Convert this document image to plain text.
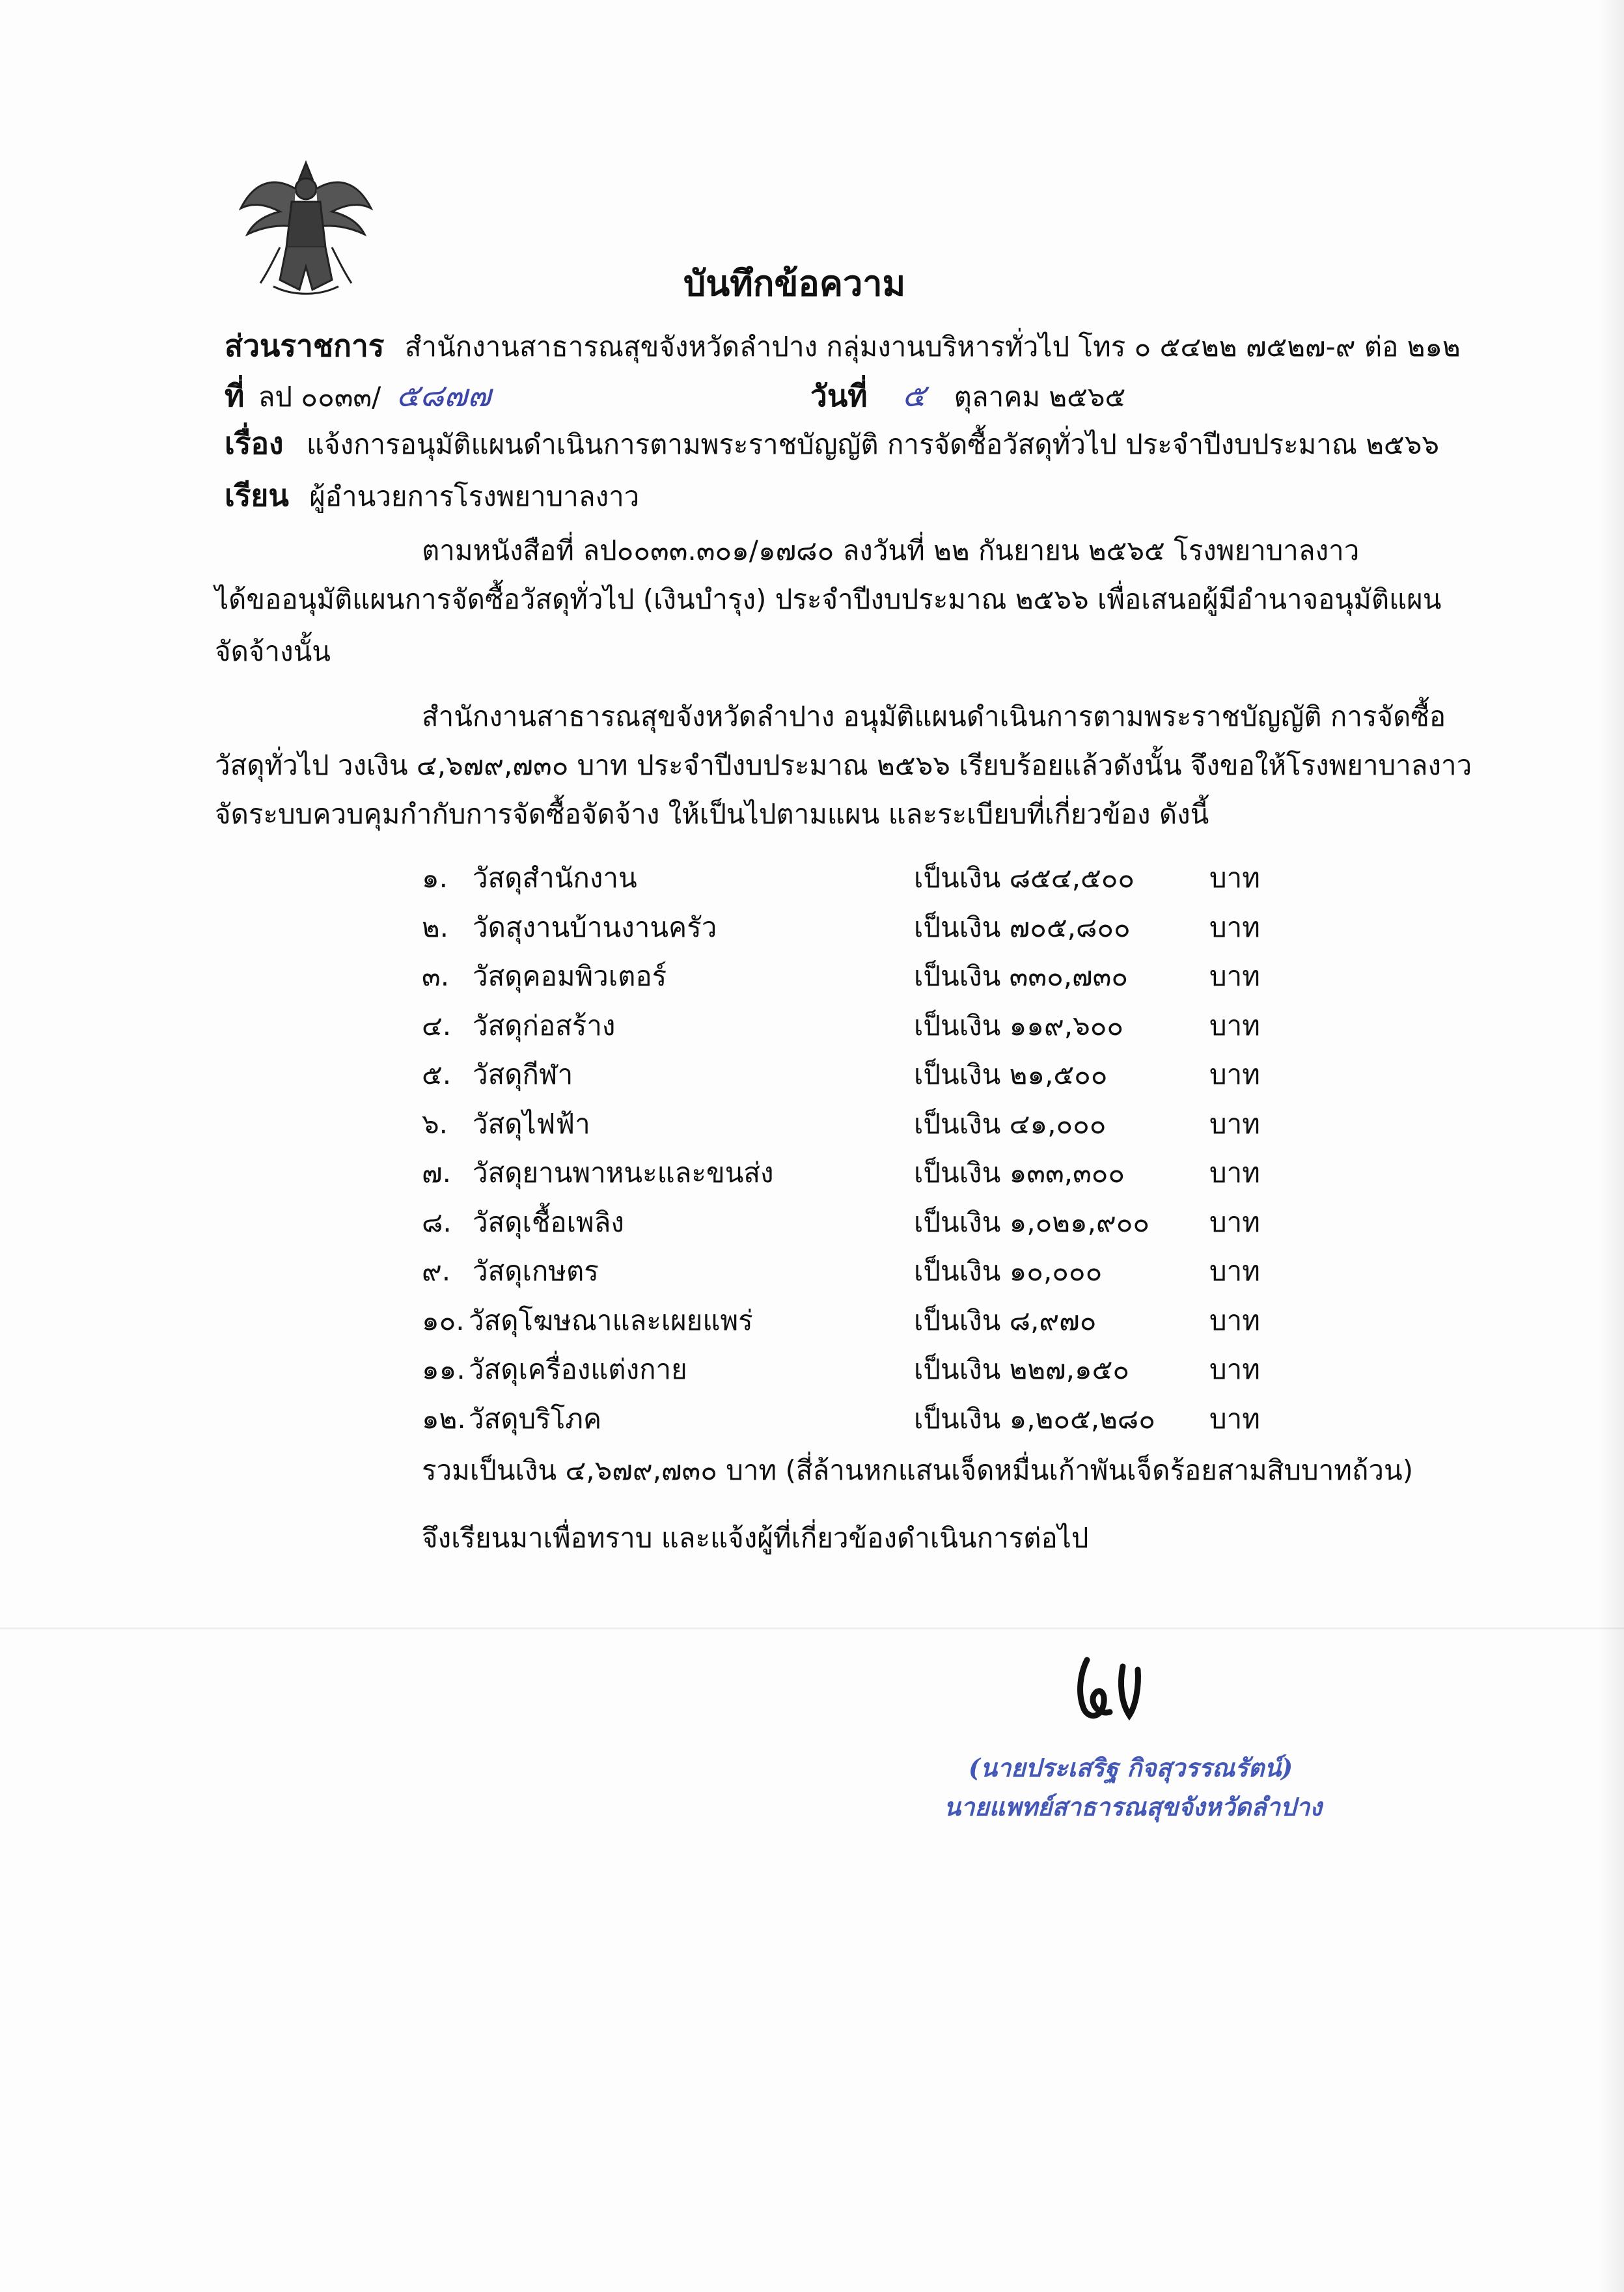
บันทึกข้อความ
ส่วนราชการ สำนักงานสาธารณสุขจังหวัดลำปาง กลุ่มงานบริหารทั่วไป โทร ๐ ๕๔๒๒ ๗๕๒๗-๙ ต่อ ๒๑๒
ที่ ลป ๐๐๓๓/ ๕๘๗๗	วันที่ ๕ ตุลาคม ๒๕๖๕
เรื่อง แจ้งการอนุมัติแผนดำเนินการตามพระราชบัญญัติ การจัดซื้อวัสดุทั่วไป ประจำปีงบประมาณ ๒๕๖๖
เรียน ผู้อำนวยการโรงพยาบาลงาว
ตามหนังสือที่ ลป๐๐๓๓.๓๐๑/๑๗๘๐ ลงวันที่ ๒๒ กันยายน ๒๕๖๕ โรงพยาบาลงาว
ได้ขออนุมัติแผนการจัดซื้อวัสดุทั่วไป (เงินบำรุง) ประจำปีงบประมาณ ๒๕๖๖ เพื่อเสนอผู้มีอำนาจอนุมัติแผน
จัดจ้างนั้น
สำนักงานสาธารณสุขจังหวัดลำปาง อนุมัติแผนดำเนินการตามพระราชบัญญัติ การจัดซื้อ
วัสดุทั่วไป วงเงิน ๔,๖๗๙,๗๓๐ บาท ประจำปีงบประมาณ ๒๕๖๖ เรียบร้อยแล้วดังนั้น จึงขอให้โรงพยาบาลงาว
จัดระบบควบคุมกำกับการจัดซื้อจัดจ้าง ให้เป็นไปตามแผน และระเบียบที่เกี่ยวข้อง ดังนี้
๑. วัสดุสำนักงาน	เป็นเงิน ๘๕๔,๕๐๐	บาท
๒. วัดสุงานบ้านงานครัว	เป็นเงิน ๗๐๕,๘๐๐	บาท
๓. วัสดุคอมพิวเตอร์	เป็นเงิน ๓๓๐,๗๓๐	บาท
๔. วัสดุก่อสร้าง	เป็นเงิน ๑๑๙,๖๐๐	บาท
๕. วัสดุกีฬา	เป็นเงิน ๒๑,๕๐๐	บาท
๖. วัสดุไฟฟ้า	เป็นเงิน ๔๑,๐๐๐	บาท
๗. วัสดุยานพาหนะและขนส่ง	เป็นเงิน ๑๓๓,๓๐๐	บาท
๘. วัสดุเชื้อเพลิง	เป็นเงิน ๑,๐๒๑,๙๐๐ บาท
๙. วัสดุเกษตร	เป็นเงิน ๑๐,๐๐๐	บาท
๑๐. วัสดุโฆษณาและเผยแพร่	เป็นเงิน ๘,๙๗๐	บาท
๑๑. วัสดุเครื่องแต่งกาย	เป็นเงิน ๒๒๗,๑๕๐	บาท
๑๒. วัสดุบริโภค	เป็นเงิน ๑,๒๐๕,๒๘๐ บาท
รวมเป็นเงิน ๔,๖๗๙,๗๓๐ บาท (สี่ล้านหกแสนเจ็ดหมื่นเก้าพันเจ็ดร้อยสามสิบบาทถ้วน)
จึงเรียนมาเพื่อทราบ และแจ้งผู้ที่เกี่ยวข้องดำเนินการต่อไป
(นายประเสริฐ กิจสุวรรณรัตน์)
นายแพทย์สาธารณสุขจังหวัดลำปาง
